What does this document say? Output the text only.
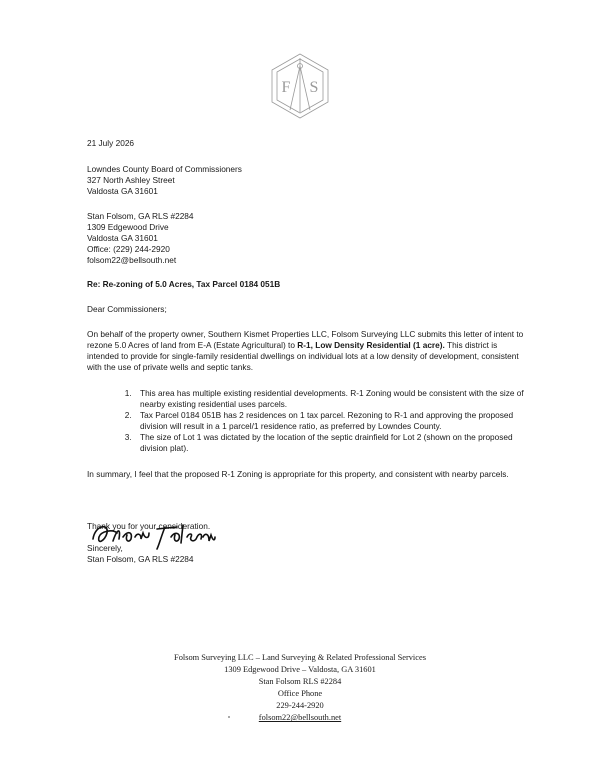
F S
21 July 2026
Lowndes County Board of Commissioners
327 North Ashley Street
Valdosta GA 31601
Stan Folsom, GA RLS #2284
1309 Edgewood Drive
Valdosta GA 31601
Office: (229) 244-2920
folsom22@bellsouth.net
Re: Re-zoning of 5.0 Acres, Tax Parcel 0184 051B
Dear Commissioners;
On behalf of the property owner, Southern Kismet Properties LLC, Folsom Surveying LLC submits this letter of intent to rezone 5.0 Acres of land from E-A (Estate Agricultural) to R-1, Low Density Residential (1 acre). This district is intended to provide for single-family residential dwellings on individual lots at a low density of development, consistent with the use of private wells and septic tanks.
1. This area has multiple existing residential developments. R-1 Zoning would be consistent with the size of nearby existing residential uses parcels.
2. Tax Parcel 0184 051B has 2 residences on 1 tax parcel. Rezoning to R-1 and approving the proposed division will result in a 1 parcel/1 residence ratio, as preferred by Lowndes County.
3. The size of Lot 1 was dictated by the location of the septic drainfield for Lot 2 (shown on the proposed division plat).
In summary, I feel that the proposed R-1 Zoning is appropriate for this property, and consistent with nearby parcels.
Thank you for your consideration.
Sincerely,
Stan Folsom, GA RLS #2284
Folsom Surveying LLC – Land Surveying & Related Professional Services
1309 Edgewood Drive – Valdosta, GA 31601
Stan Folsom RLS #2284
Office Phone
229-244-2920
folsom22@bellsouth.net
